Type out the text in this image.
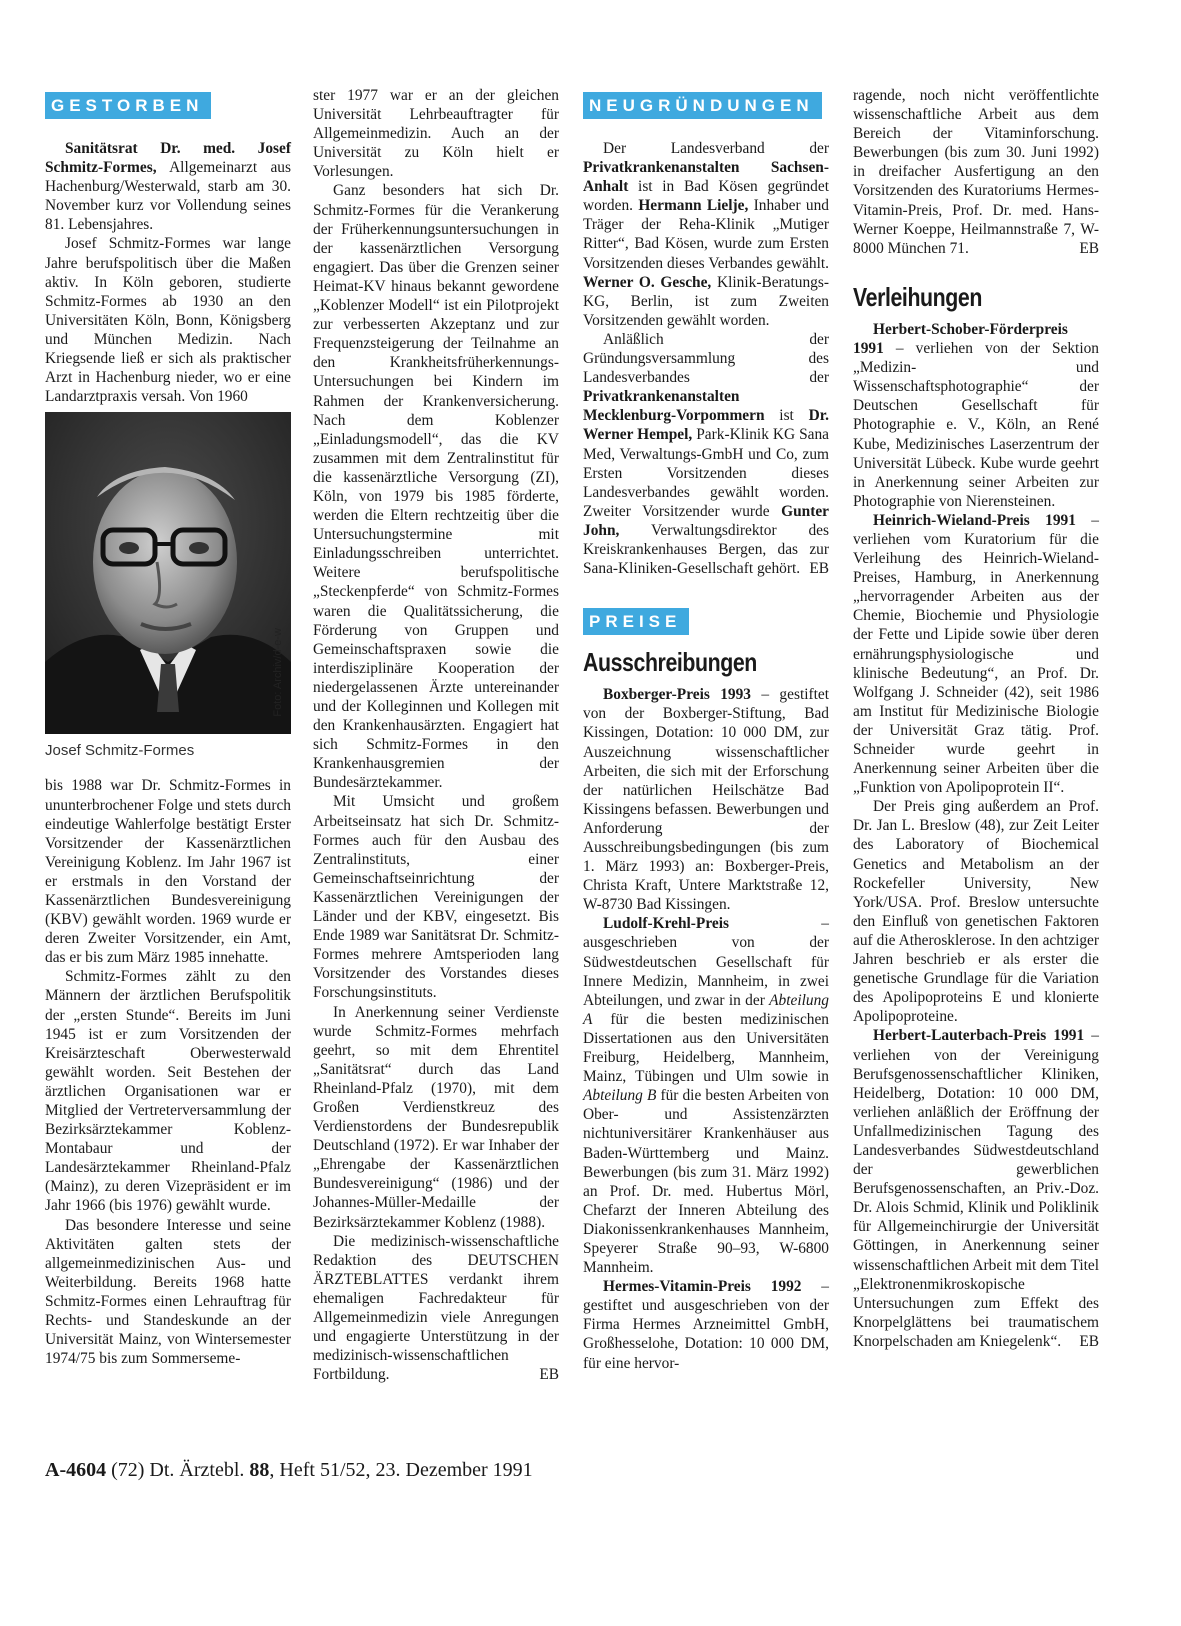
GESTORBEN

Sanitätsrat Dr. med. Josef Schmitz-Formes, Allgemeinarzt aus Hachenburg/Westerwald, starb am 30. November kurz vor Vollendung seines 81. Lebensjahres.

Josef Schmitz-Formes war lange Jahre berufspolitisch über die Maßen aktiv. In Köln geboren, studierte Schmitz-Formes ab 1930 an den Universitäten Köln, Bonn, Königsberg und München Medizin. Nach Kriegsende ließ er sich als praktischer Arzt in Hachenburg nieder, wo er eine Landarztpraxis versah. Von 1960

Foto: Archiv/d-e-w
Josef Schmitz-Formes

bis 1988 war Dr. Schmitz-Formes in ununterbrochener Folge und stets durch eindeutige Wahlerfolge bestätigt Erster Vorsitzender der Kassenärztlichen Vereinigung Koblenz. Im Jahr 1967 ist er erstmals in den Vorstand der Kassenärztlichen Bundesvereinigung (KBV) gewählt worden. 1969 wurde er deren Zweiter Vorsitzender, ein Amt, das er bis zum März 1985 innehatte.

Schmitz-Formes zählt zu den Männern der ärztlichen Berufspolitik der „ersten Stunde“. Bereits im Juni 1945 ist er zum Vorsitzenden der Kreisärzteschaft Oberwesterwald gewählt worden. Seit Bestehen der ärztlichen Organisationen war er Mitglied der Vertreterversammlung der Bezirksärztekammer Koblenz-Montabaur und der Landesärztekammer Rheinland-Pfalz (Mainz), zu deren Vizepräsident er im Jahr 1966 (bis 1976) gewählt wurde.

Das besondere Interesse und seine Aktivitäten galten stets der allgemeinmedizinischen Aus- und Weiterbildung. Bereits 1968 hatte Schmitz-Formes einen Lehrauftrag für Rechts- und Standeskunde an der Universität Mainz, von Wintersemester 1974/75 bis zum Sommerseme-

ster 1977 war er an der gleichen Universität Lehrbeauftragter für Allgemeinmedizin. Auch an der Universität zu Köln hielt er Vorlesungen.

Ganz besonders hat sich Dr. Schmitz-Formes für die Verankerung der Früherkennungsuntersuchungen in der kassenärztlichen Versorgung engagiert. Das über die Grenzen seiner Heimat-KV hinaus bekannt gewordene „Koblenzer Modell“ ist ein Pilotprojekt zur verbesserten Akzeptanz und zur Frequenzsteigerung der Teilnahme an den Krankheitsfrüherkennungs-Untersuchungen bei Kindern im Rahmen der Krankenversicherung. Nach dem Koblenzer „Einladungsmodell“, das die KV zusammen mit dem Zentralinstitut für die kassenärztliche Versorgung (ZI), Köln, von 1979 bis 1985 förderte, werden die Eltern rechtzeitig über die Untersuchungstermine mit Einladungsschreiben unterrichtet. Weitere berufspolitische „Steckenpferde“ von Schmitz-Formes waren die Qualitätssicherung, die Förderung von Gruppen und Gemeinschaftspraxen sowie die interdisziplinäre Kooperation der niedergelassenen Ärzte untereinander und der Kolleginnen und Kollegen mit den Krankenhausärzten. Engagiert hat sich Schmitz-Formes in den Krankenhausgremien der Bundesärztekammer.

Mit Umsicht und großem Arbeitseinsatz hat sich Dr. Schmitz-Formes auch für den Ausbau des Zentralinstituts, einer Gemeinschaftseinrichtung der Kassenärztlichen Vereinigungen der Länder und der KBV, eingesetzt. Bis Ende 1989 war Sanitätsrat Dr. Schmitz-Formes mehrere Amtsperioden lang Vorsitzender des Vorstandes dieses Forschungsinstituts.

In Anerkennung seiner Verdienste wurde Schmitz-Formes mehrfach geehrt, so mit dem Ehrentitel „Sanitätsrat“ durch das Land Rheinland-Pfalz (1970), mit dem Großen Verdienstkreuz des Verdienstordens der Bundesrepublik Deutschland (1972). Er war Inhaber der „Ehrengabe der Kassenärztlichen Bundesvereinigung“ (1986) und der Johannes-Müller-Medaille der Bezirksärztekammer Koblenz (1988).

Die medizinisch-wissenschaftliche Redaktion des DEUTSCHEN ÄRZTEBLATTES verdankt ihrem ehemaligen Fachredakteur für Allgemeinmedizin viele Anregungen und engagierte Unterstützung in der medizinisch-wissenschaftlichen Fortbildung.	EB

NEUGRÜNDUNGEN

Der Landesverband der Privatkrankenanstalten Sachsen-Anhalt ist in Bad Kösen gegründet worden. Hermann Lielje, Inhaber und Träger der Reha-Klinik „Mutiger Ritter“, Bad Kösen, wurde zum Ersten Vorsitzenden dieses Verbandes gewählt. Werner O. Gesche, Klinik-Beratungs-KG, Berlin, ist zum Zweiten Vorsitzenden gewählt worden.

Anläßlich der Gründungsversammlung des Landesverbandes der Privatkrankenanstalten Mecklenburg-Vorpommern ist Dr. Werner Hempel, Park-Klinik KG Sana Med, Verwaltungs-GmbH und Co, zum Ersten Vorsitzenden dieses Landesverbandes gewählt worden. Zweiter Vorsitzender wurde Gunter John, Verwaltungsdirektor des Kreiskrankenhauses Bergen, das zur Sana-Kliniken-Gesellschaft gehört. EB

PREISE
Ausschreibungen

Boxberger-Preis 1993 – gestiftet von der Boxberger-Stiftung, Bad Kissingen, Dotation: 10 000 DM, zur Auszeichnung wissenschaftlicher Arbeiten, die sich mit der Erforschung der natürlichen Heilschätze Bad Kissingens befassen. Bewerbungen und Anforderung der Ausschreibungsbedingungen (bis zum 1. März 1993) an: Boxberger-Preis, Christa Kraft, Untere Marktstraße 12, W-8730 Bad Kissingen.

Ludolf-Krehl-Preis – ausgeschrieben von der Südwestdeutschen Gesellschaft für Innere Medizin, Mannheim, in zwei Abteilungen, und zwar in der Abteilung A für die besten medizinischen Dissertationen aus den Universitäten Freiburg, Heidelberg, Mannheim, Mainz, Tübingen und Ulm sowie in Abteilung B für die besten Arbeiten von Ober- und Assistenzärzten nichtuniversitärer Krankenhäuser aus Baden-Württemberg und Mainz. Bewerbungen (bis zum 31. März 1992) an Prof. Dr. med. Hubertus Mörl, Chefarzt der Inneren Abteilung des Diakonissenkrankenhauses Mannheim, Speyerer Straße 90–93, W-6800 Mannheim.

Hermes-Vitamin-Preis 1992 – gestiftet und ausgeschrieben von der Firma Hermes Arzneimittel GmbH, Großhesselohe, Dotation: 10 000 DM, für eine hervor-

ragende, noch nicht veröffentlichte wissenschaftliche Arbeit aus dem Bereich der Vitaminforschung. Bewerbungen (bis zum 30. Juni 1992) in dreifacher Ausfertigung an den Vorsitzenden des Kuratoriums Hermes-Vitamin-Preis, Prof. Dr. med. Hans-Werner Koeppe, Heilmannstraße 7, W-8000 München 71.	EB

Verleihungen

Herbert-Schober-Förderpreis 1991 – verliehen von der Sektion „Medizin- und Wissenschaftsphotographie“ der Deutschen Gesellschaft für Photographie e. V., Köln, an René Kube, Medizinisches Laserzentrum der Universität Lübeck. Kube wurde geehrt in Anerkennung seiner Arbeiten zur Photographie von Nierensteinen.

Heinrich-Wieland-Preis 1991 – verliehen vom Kuratorium für die Verleihung des Heinrich-Wieland-Preises, Hamburg, in Anerkennung „hervorragender Arbeiten aus der Chemie, Biochemie und Physiologie der Fette und Lipide sowie über deren ernährungsphysiologische und klinische Bedeutung“, an Prof. Dr. Wolfgang J. Schneider (42), seit 1986 am Institut für Medizinische Biologie der Universität Graz tätig. Prof. Schneider wurde geehrt in Anerkennung seiner Arbeiten über die „Funktion von Apolipoprotein II“.

Der Preis ging außerdem an Prof. Dr. Jan L. Breslow (48), zur Zeit Leiter des Laboratory of Biochemical Genetics and Metabolism an der Rockefeller University, New York/USA. Prof. Breslow untersuchte den Einfluß von genetischen Faktoren auf die Atherosklerose. In den achtziger Jahren beschrieb er als erster die genetische Grundlage für die Variation des Apolipoproteins E und klonierte Apolipoproteine.

Herbert-Lauterbach-Preis 1991 – verliehen von der Vereinigung Berufsgenossenschaftlicher Kliniken, Heidelberg, Dotation: 10 000 DM, verliehen anläßlich der Eröffnung der Unfallmedizinischen Tagung des Landesverbandes Südwestdeutschland der gewerblichen Berufsgenossenschaften, an Priv.-Doz. Dr. Alois Schmid, Klinik und Poliklinik für Allgemeinchirurgie der Universität Göttingen, in Anerkennung seiner wissenschaftlichen Arbeit mit dem Titel „Elektronenmikroskopische Untersuchungen zum Effekt des Knorpelglättens bei traumatischem Knorpelschaden am Kniegelenk“.	EB

A-4604 (72) Dt. Ärztebl. 88, Heft 51/52, 23. Dezember 1991
